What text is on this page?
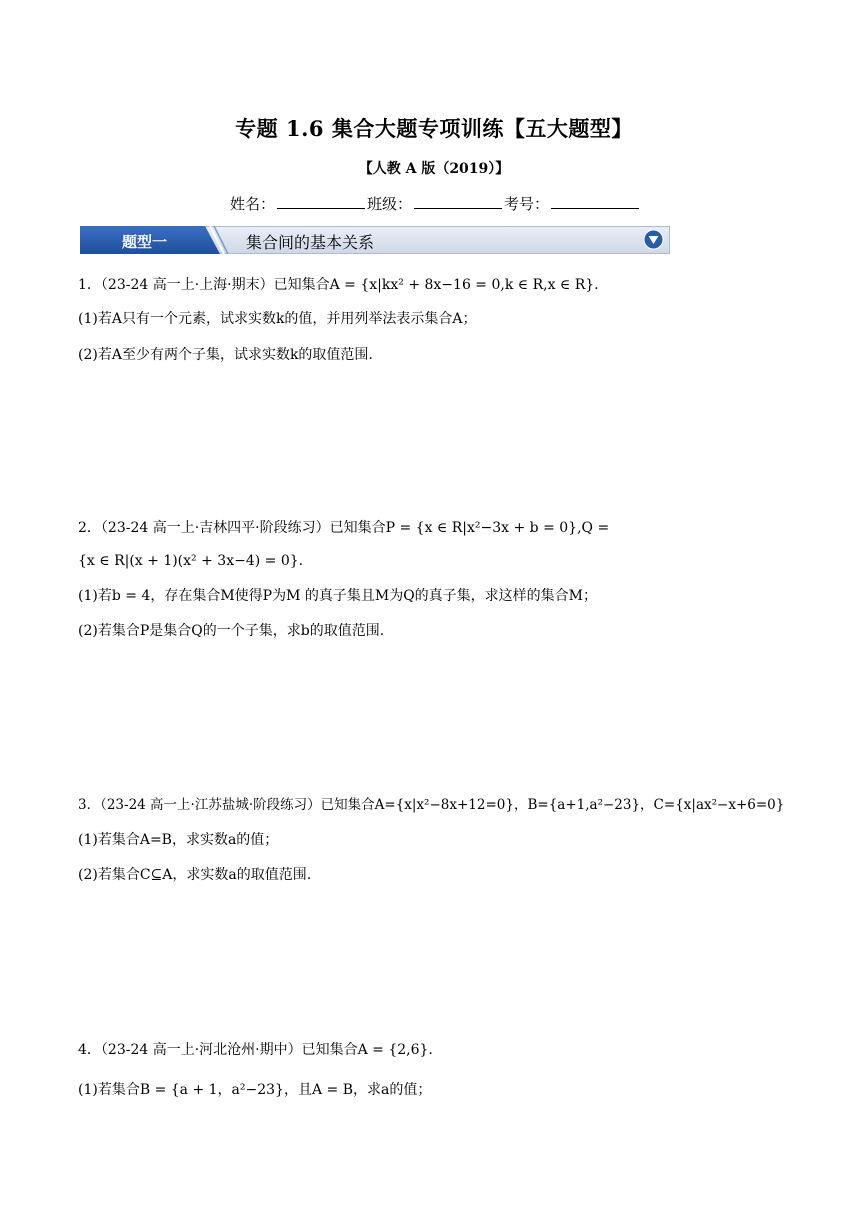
专题 1.6 集合大题专项训练【五大题型】
【人教 A 版（2019）】
姓名：	班级：	考号：
题型一	集合间的基本关系
1．（23-24 高一上·上海·期末）已知集合A = {x|kx² + 8x−16 = 0,k ∈ R,x ∈ R}.
(1)若A只有一个元素，试求实数k的值，并用列举法表示集合A；
(2)若A至少有两个子集，试求实数k的取值范围.
2．（23-24 高一上·吉林四平·阶段练习）已知集合P = {x ∈ R|x²−3x + b = 0},Q =
{x ∈ R|(x + 1)(x² + 3x−4) = 0}.
(1)若b = 4，存在集合M使得P为M 的真子集且M为Q的真子集，求这样的集合M；
(2)若集合P是集合Q的一个子集，求b的取值范围.
3．（23-24 高一上·江苏盐城·阶段练习）已知集合A={x|x²−8x+12=0}，B={a+1,a²−23}，C={x|ax²−x+6=0}
(1)若集合A=B，求实数a的值；
(2)若集合C⊆A，求实数a的取值范围.
4．（23-24 高一上·河北沧州·期中）已知集合A = {2,6}.
(1)若集合B = {a + 1，a²−23}，且A = B，求a的值；
